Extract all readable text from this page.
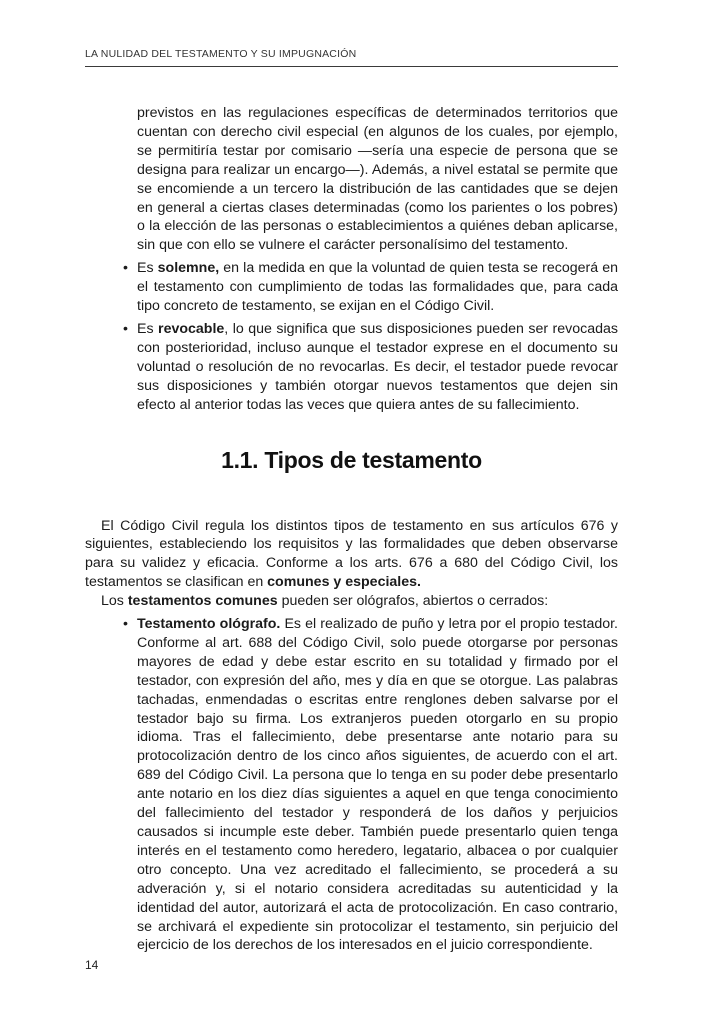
LA NULIDAD DEL TESTAMENTO Y SU IMPUGNACIÓN

previstos en las regulaciones específicas de determinados territorios que cuentan con derecho civil especial (en algunos de los cuales, por ejemplo, se permitiría testar por comisario —sería una especie de persona que se designa para realizar un encargo—). Además, a nivel estatal se permite que se encomiende a un tercero la distribución de las cantidades que se dejen en general a ciertas clases determinadas (como los parientes o los pobres) o la elección de las personas o establecimientos a quiénes deban aplicarse, sin que con ello se vulnere el carácter personalísimo del testamento.

• Es solemne, en la medida en que la voluntad de quien testa se recogerá en el testamento con cumplimiento de todas las formalidades que, para cada tipo concreto de testamento, se exijan en el Código Civil.
• Es revocable, lo que significa que sus disposiciones pueden ser revocadas con posterioridad, incluso aunque el testador exprese en el documento su voluntad o resolución de no revocarlas. Es decir, el testador puede revocar sus disposiciones y también otorgar nuevos testamentos que dejen sin efecto al anterior todas las veces que quiera antes de su fallecimiento.
1.1. Tipos de testamento

El Código Civil regula los distintos tipos de testamento en sus artículos 676 y siguientes, estableciendo los requisitos y las formalidades que deben observarse para su validez y eficacia. Conforme a los arts. 676 a 680 del Código Civil, los testamentos se clasifican en comunes y especiales.

Los testamentos comunes pueden ser ológrafos, abiertos o cerrados:

• Testamento ológrafo. Es el realizado de puño y letra por el propio testador. Conforme al art. 688 del Código Civil, solo puede otorgarse por personas mayores de edad y debe estar escrito en su totalidad y firmado por el testador, con expresión del año, mes y día en que se otorgue. Las palabras tachadas, enmendadas o escritas entre renglones deben salvarse por el testador bajo su firma. Los extranjeros pueden otorgarlo en su propio idioma. Tras el fallecimiento, debe presentarse ante notario para su protocolización dentro de los cinco años siguientes, de acuerdo con el art. 689 del Código Civil. La persona que lo tenga en su poder debe presentarlo ante notario en los diez días siguientes a aquel en que tenga conocimiento del fallecimiento del testador y responderá de los daños y perjuicios causados si incumple este deber. También puede presentarlo quien tenga interés en el testamento como heredero, legatario, albacea o por cualquier otro concepto. Una vez acreditado el fallecimiento, se procederá a su adveración y, si el notario considera acreditadas su autenticidad y la identidad del autor, autorizará el acta de protocolización. En caso contrario, se archivará el expediente sin protocolizar el testamento, sin perjuicio del ejercicio de los derechos de los interesados en el juicio correspondiente.
14
